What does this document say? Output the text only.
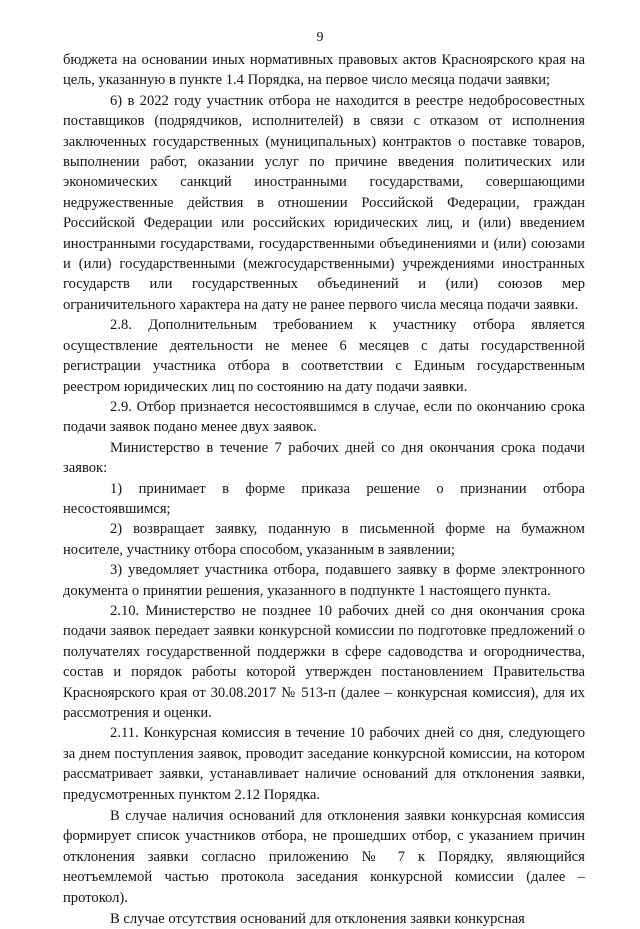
9

бюджета на основании иных нормативных правовых актов Красноярского края на цель, указанную в пункте 1.4 Порядка, на первое число месяца подачи заявки;

6) в 2022 году участник отбора не находится в реестре недобросовестных поставщиков (подрядчиков, исполнителей) в связи с отказом от исполнения заключенных государственных (муниципальных) контрактов о поставке товаров, выполнении работ, оказании услуг по причине введения политических или экономических санкций иностранными государствами, совершающими недружественные действия в отношении Российской Федерации, граждан Российской Федерации или российских юридических лиц, и (или) введением иностранными государствами, государственными объединениями и (или) союзами и (или) государственными (межгосударственными) учреждениями иностранных государств или государственных объединений и (или) союзов мер ограничительного характера на дату не ранее первого числа месяца подачи заявки.

2.8. Дополнительным требованием к участнику отбора является осуществление деятельности не менее 6 месяцев с даты государственной регистрации участника отбора в соответствии с Единым государственным реестром юридических лиц по состоянию на дату подачи заявки.

2.9. Отбор признается несостоявшимся в случае, если по окончанию срока подачи заявок подано менее двух заявок.

Министерство в течение 7 рабочих дней со дня окончания срока подачи заявок:

1) принимает в форме приказа решение о признании отбора несостоявшимся;

2) возвращает заявку, поданную в письменной форме на бумажном носителе, участнику отбора способом, указанным в заявлении;

3) уведомляет участника отбора, подавшего заявку в форме электронного документа о принятии решения, указанного в подпункте 1 настоящего пункта.

2.10. Министерство не позднее 10 рабочих дней со дня окончания срока подачи заявок передает заявки конкурсной комиссии по подготовке предложений о получателях государственной поддержки в сфере садоводства и огородничества, состав и порядок работы которой утвержден постановлением Правительства Красноярского края от 30.08.2017 № 513-п (далее – конкурсная комиссия), для их рассмотрения и оценки.

2.11. Конкурсная комиссия в течение 10 рабочих дней со дня, следующего за днем поступления заявок, проводит заседание конкурсной комиссии, на котором рассматривает заявки, устанавливает наличие оснований для отклонения заявки, предусмотренных пунктом 2.12 Порядка.

В случае наличия оснований для отклонения заявки конкурсная комиссия формирует список участников отбора, не прошедших отбор, с указанием причин отклонения заявки согласно приложению № 7 к Порядку, являющийся неотъемлемой частью протокола заседания конкурсной комиссии (далее – протокол).

В случае отсутствия оснований для отклонения заявки конкурсная
